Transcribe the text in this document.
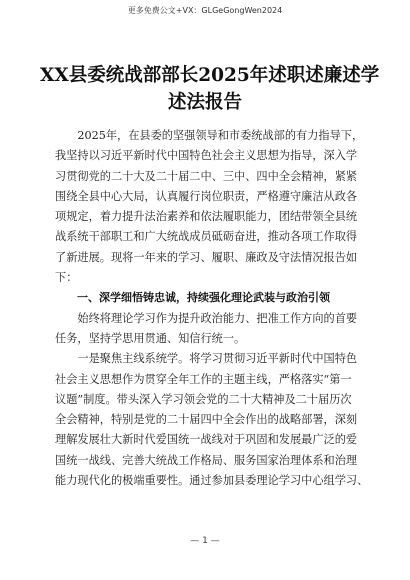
更多免费公文+VX：GLGeGongWen2024
XX县委统战部部长2025年述职述廉述学
述法报告

　　2025年，在县委的坚强领导和市委统战部的有力指导下，
我坚持以习近平新时代中国特色社会主义思想为指导，深入学
习贯彻党的二十大及二十届二中、三中、四中全会精神，紧紧
围绕全县中心大局，认真履行岗位职责，严格遵守廉洁从政各
项规定，着力提升法治素养和依法履职能力，团结带领全县统
战系统干部职工和广大统战成员砥砺奋进，推动各项工作取得
了新进展。现将一年来的学习、履职、廉政及守法情况报告如
下：

　　一、深学细悟铸忠诚，持续强化理论武装与政治引领

　　始终将理论学习作为提升政治能力、把准工作方向的首要
任务，坚持学思用贯通、知信行统一。

　　一是聚焦主线系统学。将学习贯彻习近平新时代中国特色
社会主义思想作为贯穿全年工作的主题主线，严格落实“第一
议题”制度。带头深入学习领会党的二十大精神及二十届历次
全会精神，特别是党的二十届四中全会作出的战略部署，深刻
理解发展壮大新时代爱国统一战线对于巩固和发展最广泛的爱
国统一战线、完善大统战工作格局、服务国家治理体系和治理
能力现代化的极端重要性。通过参加县委理论学习中心组学习、

— 1 —
